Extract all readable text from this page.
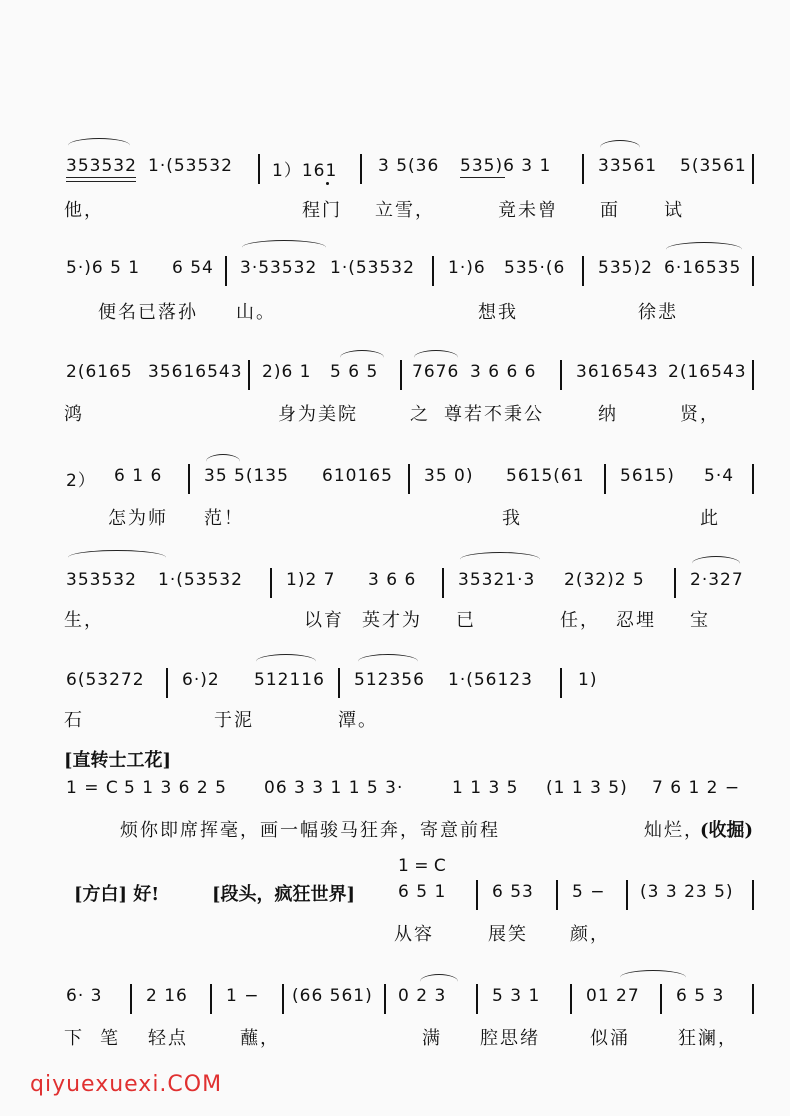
353532 1·(53532 1）161 3 5(36 535)6 3 1	33561 5(3561
他，	程门 立雪，	竟未曾 面 试
5·)6 5 1 6 54 3·53532 1·(53532 1·)6 535·(6 535)2 6·16535
便名已落孙 山。	想我	徐悲
2(6165 35616543 2)6 1 5 6 5 7676 3 6 6 6 3616543 2(16543
鸿	身为美院	之 尊若不秉公	纳	贤，
2） 6 1 6 35 5(135 610165 35 0) 5615(61 5615) 5·4
怎为师 范！	我	此
353532 1·(53532	1)2 7 3 6 6 35321·3 2(32)2 5	2·327
生，	以育 英才为 已	任， 忍埋 宝
6(53272 6·)2 512116 512356 1·(56123	1)
石	于泥	潭。
[直转士工花]
1 = C 5 1 3 6 2 5 06 3 3 1 1 5 3·	1 1 3 5 (1 1 3 5) 7 6 1 2 −
烦你即席挥毫，画一幅骏马狂奔，寄意前程	灿烂，
(收掘)
1 = C
[方白] 好!	[段头，疯狂世界]	6 5 1	6 53 5 − (3 3 23 5)
从容	展笑 颜，
6· 3	2 16 1 − (66 561) 0 2 3	5 3 1	01 27 6 5 3
下 笔 轻点	蘸，	满 腔思绪	似涌	狂澜，
qiyuexuexi.COM
